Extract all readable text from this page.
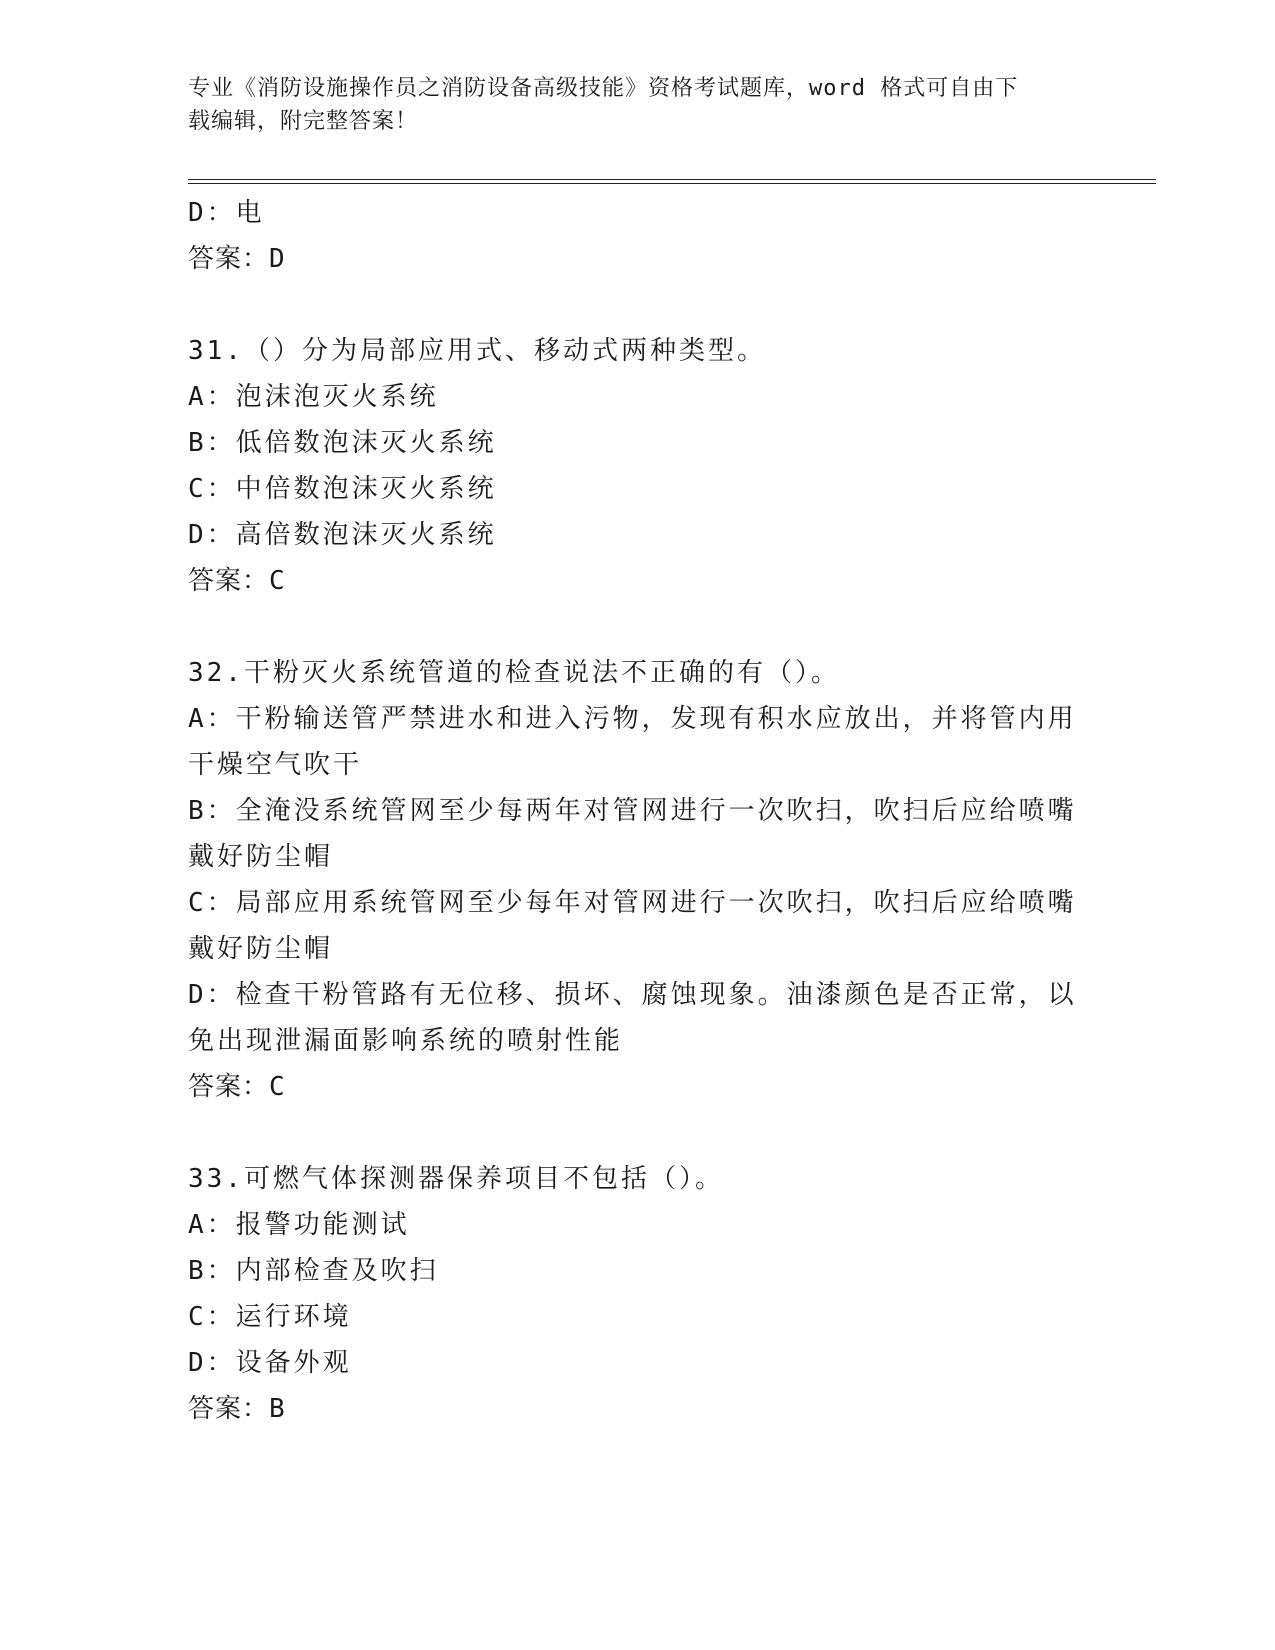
专业《消防设施操作员之消防设备高级技能》资格考试题库，word 格式可自由下
载编辑，附完整答案！
D：电
答案：D
31.（）分为局部应用式、移动式两种类型。
A：泡沫泡灭火系统
B：低倍数泡沫灭火系统
C：中倍数泡沫灭火系统
D：高倍数泡沫灭火系统
答案：C
32.干粉灭火系统管道的检查说法不正确的有（）。
A：干粉输送管严禁进水和进入污物，发现有积水应放出，并将管内用
干燥空气吹干
B：全淹没系统管网至少每两年对管网进行一次吹扫，吹扫后应给喷嘴
戴好防尘帽
C：局部应用系统管网至少每年对管网进行一次吹扫，吹扫后应给喷嘴
戴好防尘帽
D：检查干粉管路有无位移、损坏、腐蚀现象。油漆颜色是否正常，以
免出现泄漏面影响系统的喷射性能
答案：C
33.可燃气体探测器保养项目不包括（）。
A：报警功能测试
B：内部检查及吹扫
C：运行环境
D：设备外观
答案：B
